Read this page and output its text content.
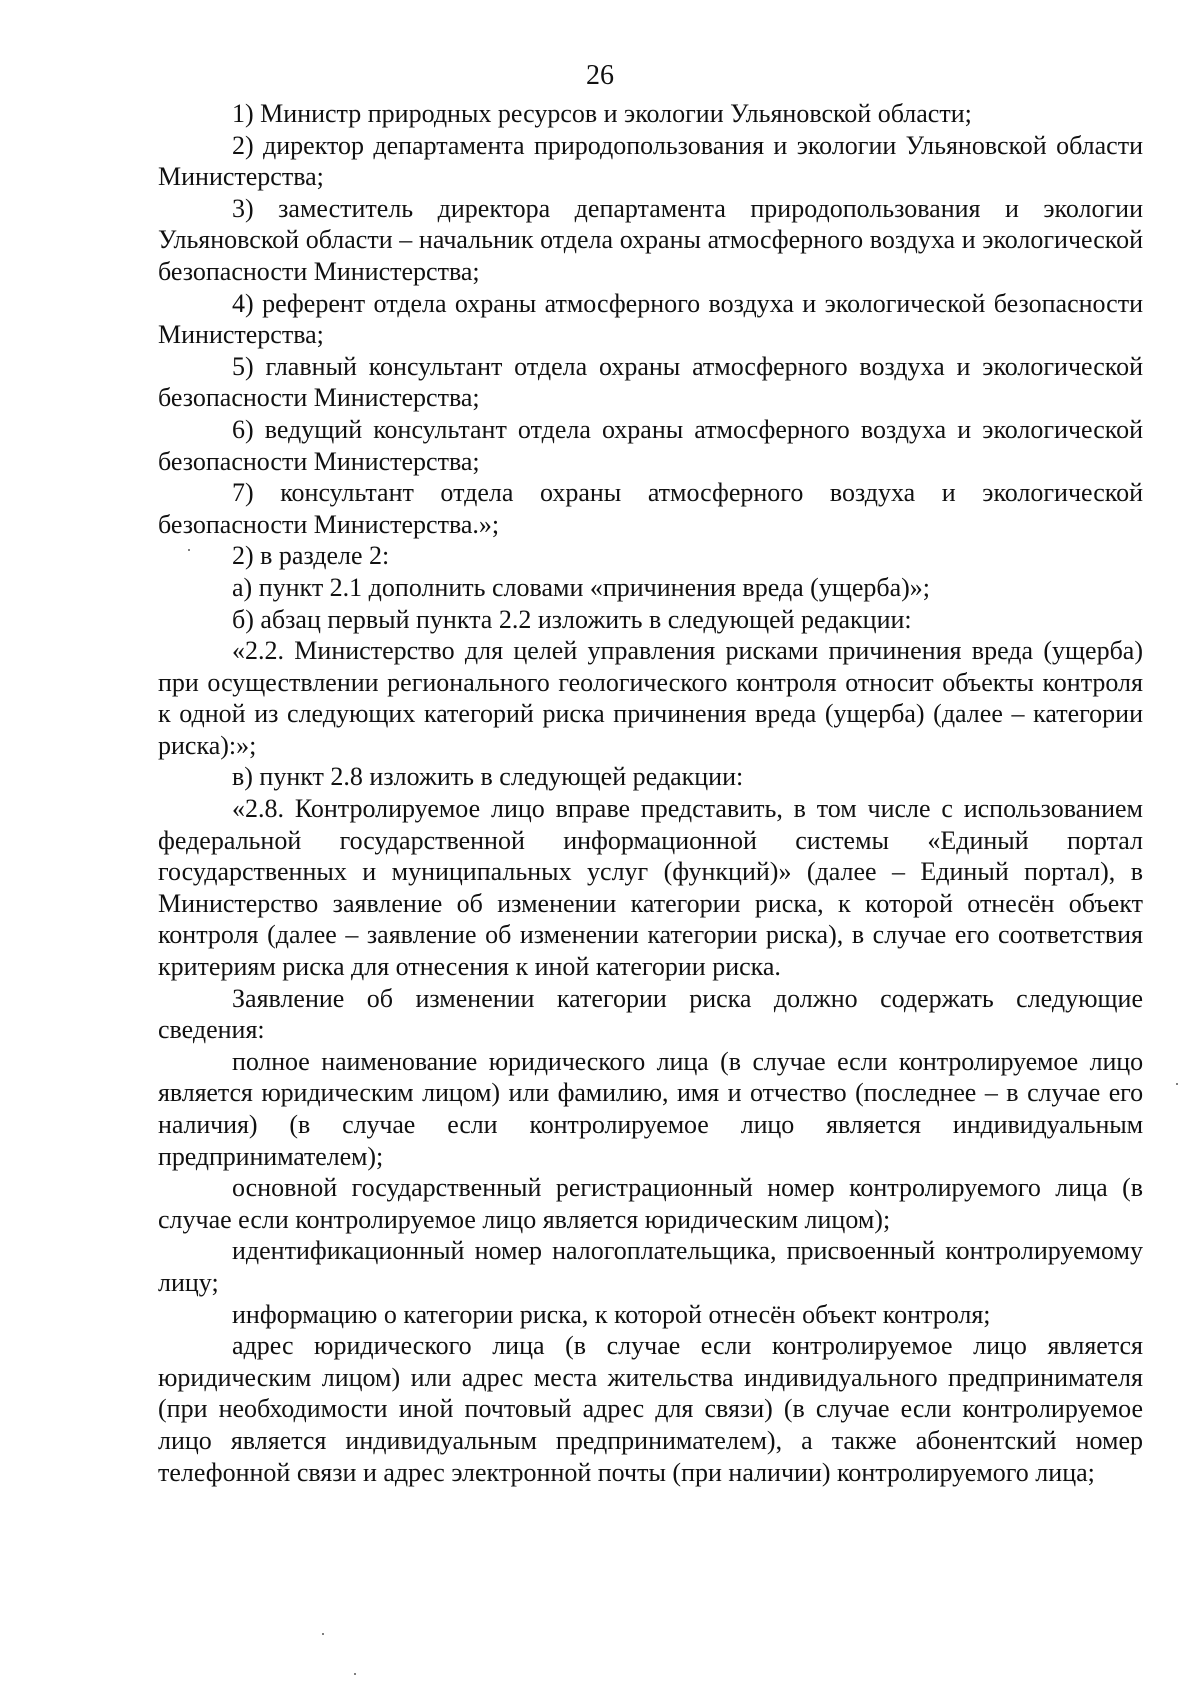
26

1) Министр природных ресурсов и экологии Ульяновской области;

2) директор департамента природопользования и экологии Ульяновской области Министерства;

3) заместитель директора департамента природопользования и экологии Ульяновской области – начальник отдела охраны атмосферного воздуха и экологической безопасности Министерства;

4) референт отдела охраны атмосферного воздуха и экологической безопасности Министерства;

5) главный консультант отдела охраны атмосферного воздуха и экологической безопасности Министерства;

6) ведущий консультант отдела охраны атмосферного воздуха и экологической безопасности Министерства;

7) консультант отдела охраны атмосферного воздуха и экологической безопасности Министерства.»;

2) в разделе 2:

а) пункт 2.1 дополнить словами «причинения вреда (ущерба)»;

б) абзац первый пункта 2.2 изложить в следующей редакции:

«2.2. Министерство для целей управления рисками причинения вреда (ущерба) при осуществлении регионального геологического контроля относит объекты контроля к одной из следующих категорий риска причинения вреда (ущерба) (далее – категории риска):»;

в) пункт 2.8 изложить в следующей редакции:

«2.8. Контролируемое лицо вправе представить, в том числе с использованием федеральной государственной информационной системы «Единый портал государственных и муниципальных услуг (функций)» (далее – Единый портал), в Министерство заявление об изменении категории риска, к которой отнесён объект контроля (далее – заявление об изменении категории риска), в случае его соответствия критериям риска для отнесения к иной категории риска.

Заявление об изменении категории риска должно содержать следующие сведения:

полное наименование юридического лица (в случае если контролируемое лицо является юридическим лицом) или фамилию, имя и отчество (последнее – в случае его наличия) (в случае если контролируемое лицо является индивидуальным предпринимателем);

основной государственный регистрационный номер контролируемого лица (в случае если контролируемое лицо является юридическим лицом);

идентификационный номер налогоплательщика, присвоенный контролируемому лицу;

информацию о категории риска, к которой отнесён объект контроля;

адрес юридического лица (в случае если контролируемое лицо является юридическим лицом) или адрес места жительства индивидуального предпринимателя (при необходимости иной почтовый адрес для связи) (в случае если контролируемое лицо является индивидуальным предпринимателем), а также абонентский номер телефонной связи и адрес электронной почты (при наличии) контролируемого лица;
